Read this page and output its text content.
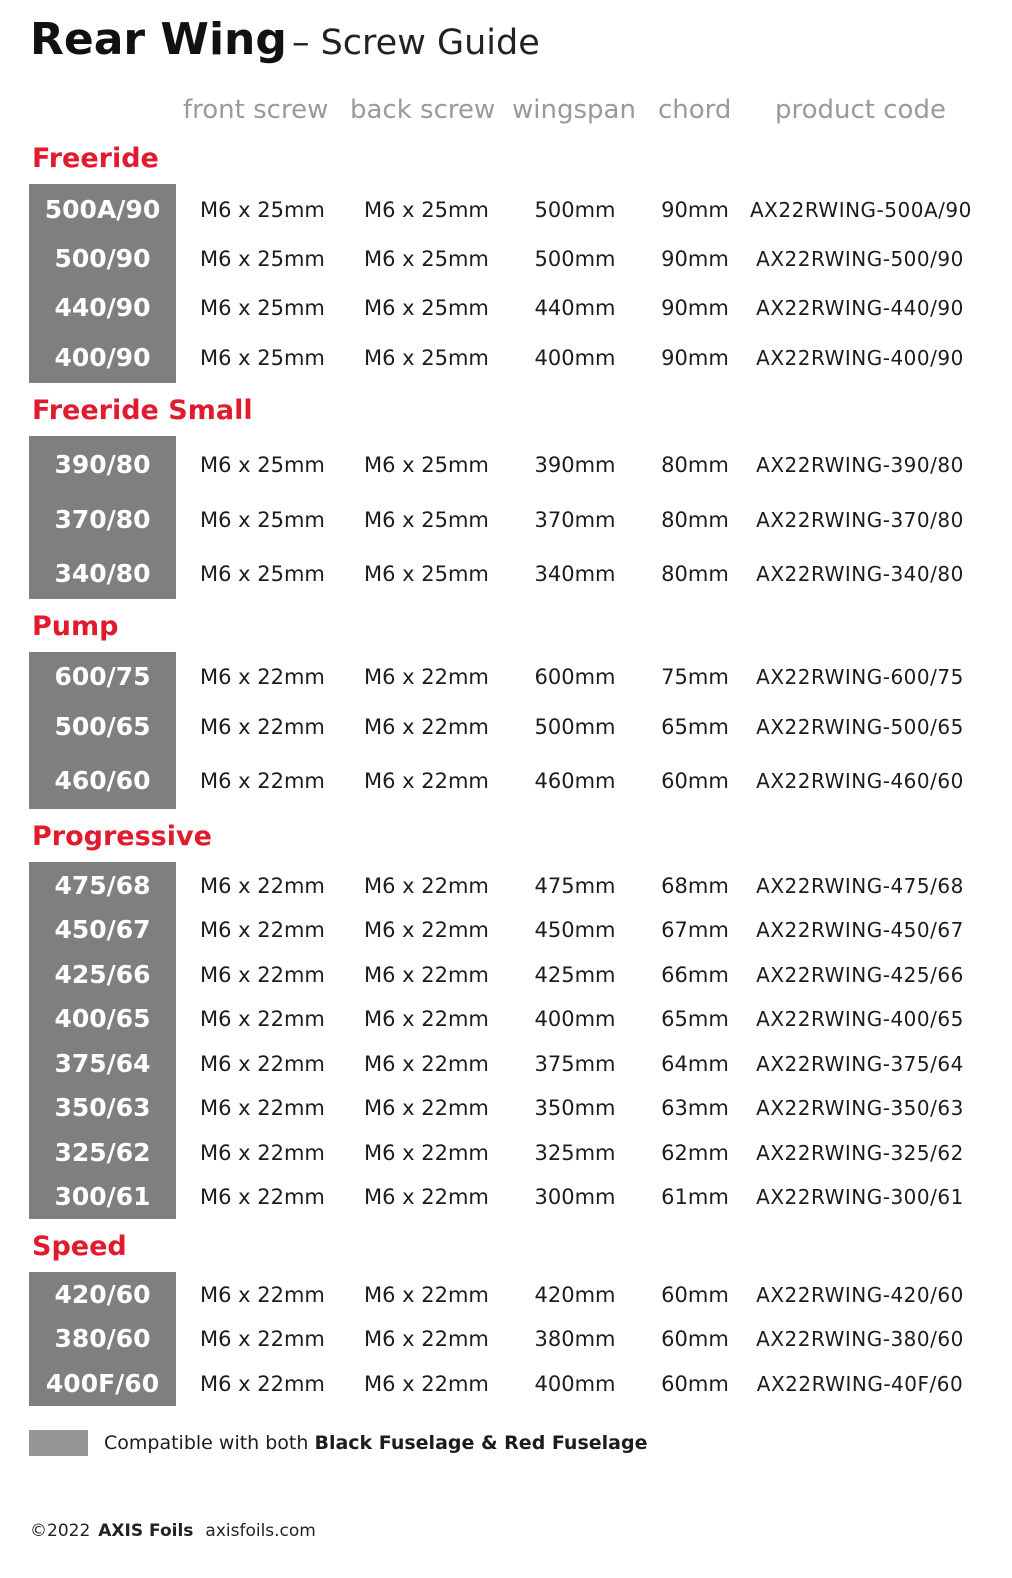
Rear Wing – Screw Guide
front screw back screw wingspan chord product code
Freeride
500A/90	M6 x 25mm M6 x 25mm	500mm	90mm	AX22RWING-500A/90
500/90	M6 x 25mm M6 x 25mm	500mm	90mm	AX22RWING-500/90
440/90	M6 x 25mm M6 x 25mm	440mm	90mm	AX22RWING-440/90
400/90	M6 x 25mm M6 x 25mm	400mm	90mm	AX22RWING-400/90
Freeride Small
390/80	M6 x 25mm M6 x 25mm	390mm	80mm	AX22RWING-390/80
370/80	M6 x 25mm M6 x 25mm	370mm	80mm	AX22RWING-370/80
340/80	M6 x 25mm M6 x 25mm	340mm	80mm	AX22RWING-340/80
Pump
600/75	M6 x 22mm M6 x 22mm	600mm	75mm	AX22RWING-600/75
500/65	M6 x 22mm M6 x 22mm	500mm	65mm	AX22RWING-500/65
460/60	M6 x 22mm M6 x 22mm	460mm	60mm	AX22RWING-460/60
Progressive
475/68	M6 x 22mm M6 x 22mm	475mm	68mm	AX22RWING-475/68
450/67	M6 x 22mm M6 x 22mm	450mm	67mm	AX22RWING-450/67
425/66	M6 x 22mm M6 x 22mm	425mm	66mm	AX22RWING-425/66
400/65	M6 x 22mm M6 x 22mm	400mm	65mm	AX22RWING-400/65
375/64	M6 x 22mm M6 x 22mm	375mm	64mm	AX22RWING-375/64
350/63	M6 x 22mm M6 x 22mm	350mm	63mm	AX22RWING-350/63
325/62	M6 x 22mm M6 x 22mm	325mm	62mm	AX22RWING-325/62
300/61	M6 x 22mm M6 x 22mm	300mm	61mm	AX22RWING-300/61
Speed
420/60	M6 x 22mm M6 x 22mm	420mm	60mm	AX22RWING-420/60
380/60	M6 x 22mm M6 x 22mm	380mm	60mm	AX22RWING-380/60
400F/60	M6 x 22mm M6 x 22mm	400mm	60mm	AX22RWING-40F/60
Compatible with both Black Fuselage & Red Fuselage
©2022 AXIS Foils axisfoils.com
